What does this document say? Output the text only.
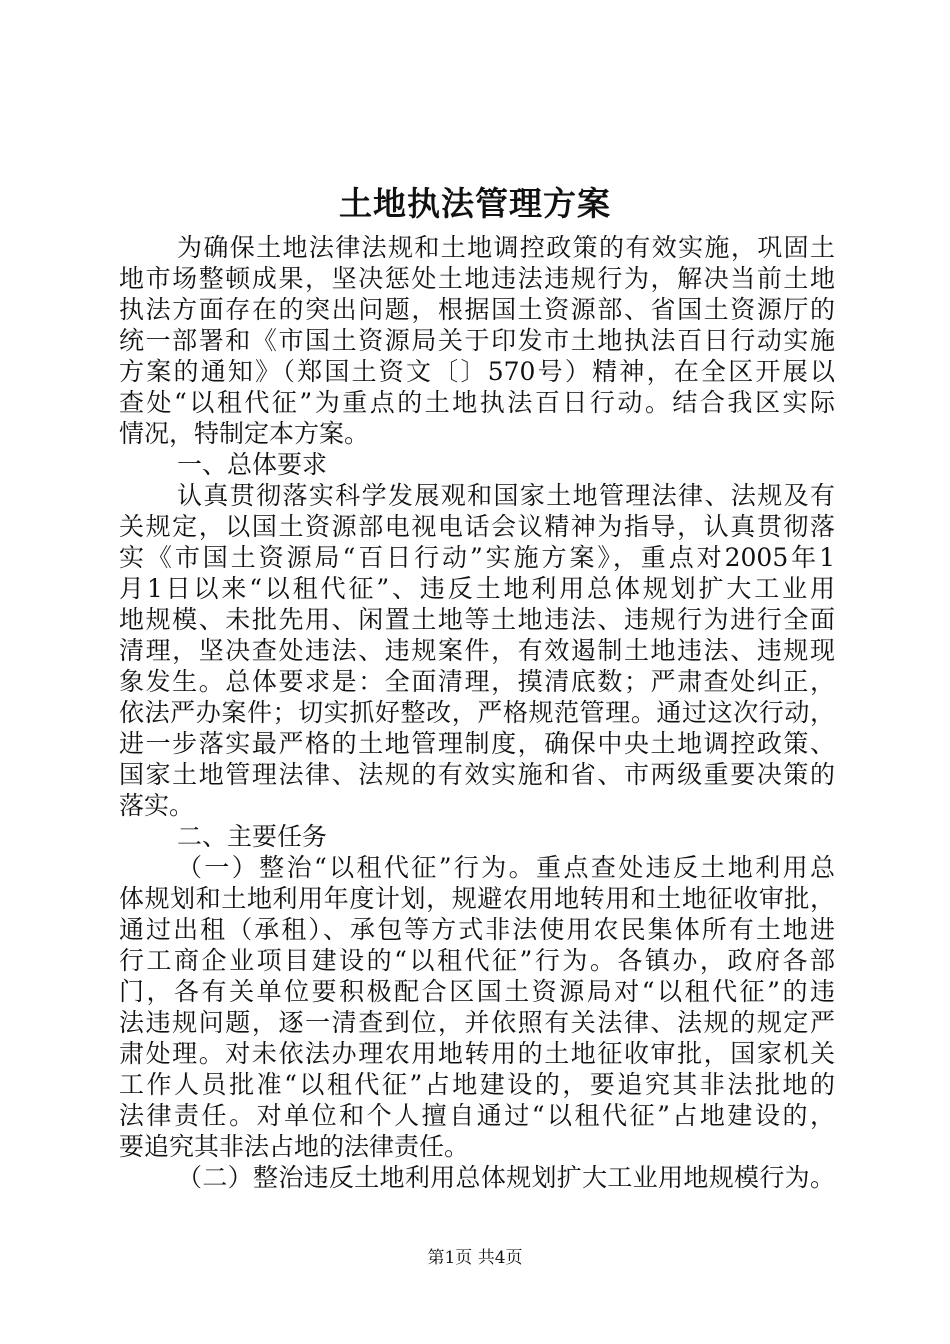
土地执法管理方案
为确保土地法律法规和土地调控政策的有效实施，巩固土
地市场整顿成果，坚决惩处土地违法违规行为，解决当前土地
执法方面存在的突出问题，根据国土资源部、省国土资源厅的
统一部署和《市国土资源局关于印发市土地执法百日行动实施
方案的通知》（郑国土资文〔〕570号）精神，在全区开展以
查处“以租代征”为重点的土地执法百日行动。结合我区实际
情况，特制定本方案。
一、总体要求
认真贯彻落实科学发展观和国家土地管理法律、法规及有
关规定，以国土资源部电视电话会议精神为指导，认真贯彻落
实《市国土资源局“百日行动”实施方案》，重点对2005年1
月1日以来“以租代征”、违反土地利用总体规划扩大工业用
地规模、未批先用、闲置土地等土地违法、违规行为进行全面
清理，坚决查处违法、违规案件，有效遏制土地违法、违规现
象发生。总体要求是：全面清理，摸清底数；严肃查处纠正，
依法严办案件；切实抓好整改，严格规范管理。通过这次行动，
进一步落实最严格的土地管理制度，确保中央土地调控政策、
国家土地管理法律、法规的有效实施和省、市两级重要决策的
落实。
二、主要任务
（一）整治“以租代征”行为。重点查处违反土地利用总
体规划和土地利用年度计划，规避农用地转用和土地征收审批，
通过出租（承租）、承包等方式非法使用农民集体所有土地进
行工商企业项目建设的“以租代征”行为。各镇办，政府各部
门，各有关单位要积极配合区国土资源局对“以租代征”的违
法违规问题，逐一清查到位，并依照有关法律、法规的规定严
肃处理。对未依法办理农用地转用的土地征收审批，国家机关
工作人员批准“以租代征”占地建设的，要追究其非法批地的
法律责任。对单位和个人擅自通过“以租代征”占地建设的，
要追究其非法占地的法律责任。
（二）整治违反土地利用总体规划扩大工业用地规模行为。
第1页 共4页
